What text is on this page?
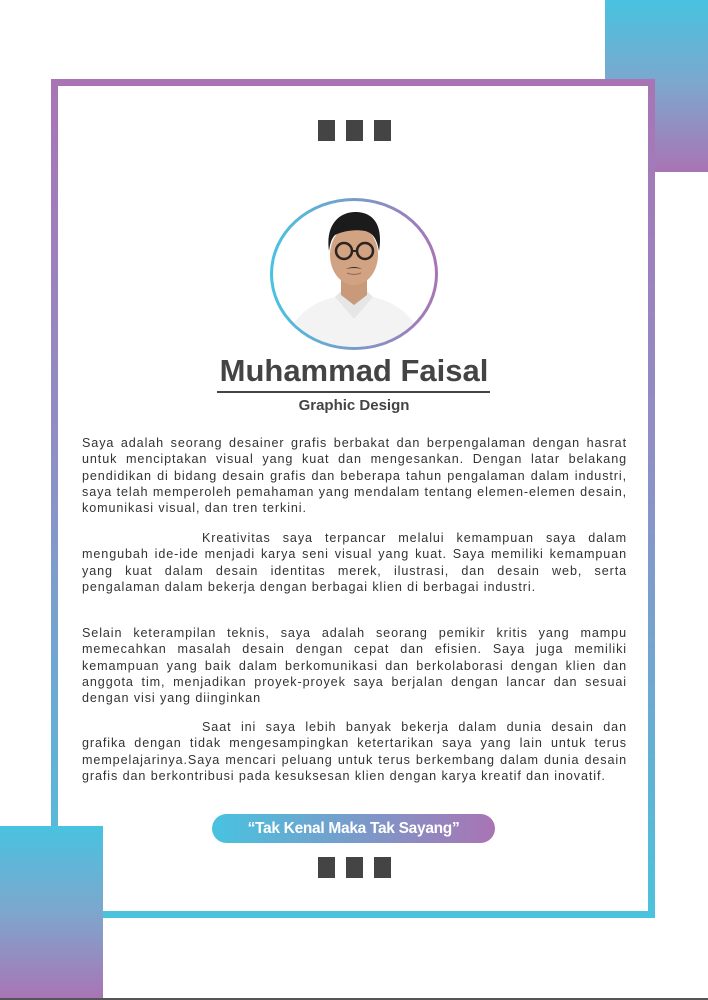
Muhammad Faisal
Graphic Design

Saya adalah seorang desainer grafis berbakat dan berpengalaman dengan hasrat untuk menciptakan visual yang kuat dan mengesankan. Dengan latar belakang pendidikan di bidang desain grafis dan beberapa tahun pengalaman dalam industri, saya telah memperoleh pemahaman yang mendalam tentang elemen-elemen desain, komunikasi visual, dan tren terkini.

Kreativitas saya terpancar melalui kemampuan saya dalam mengubah ide-ide menjadi karya seni visual yang kuat. Saya memiliki kemampuan yang kuat dalam desain identitas merek, ilustrasi, dan desain web, serta pengalaman dalam bekerja dengan berbagai klien di berbagai industri.

Selain keterampilan teknis, saya adalah seorang pemikir kritis yang mampu memecahkan masalah desain dengan cepat dan efisien. Saya juga memiliki kemampuan yang baik dalam berkomunikasi dan berkolaborasi dengan klien dan anggota tim, menjadikan proyek-proyek saya berjalan dengan lancar dan sesuai dengan visi yang diinginkan

Saat ini saya lebih banyak bekerja dalam dunia desain dan grafika dengan tidak mengesampingkan ketertarikan saya yang lain untuk terus mempelajarinya.Saya mencari peluang untuk terus berkembang dalam dunia desain grafis dan berkontribusi pada kesuksesan klien dengan karya kreatif dan inovatif.

“Tak Kenal Maka Tak Sayang”
